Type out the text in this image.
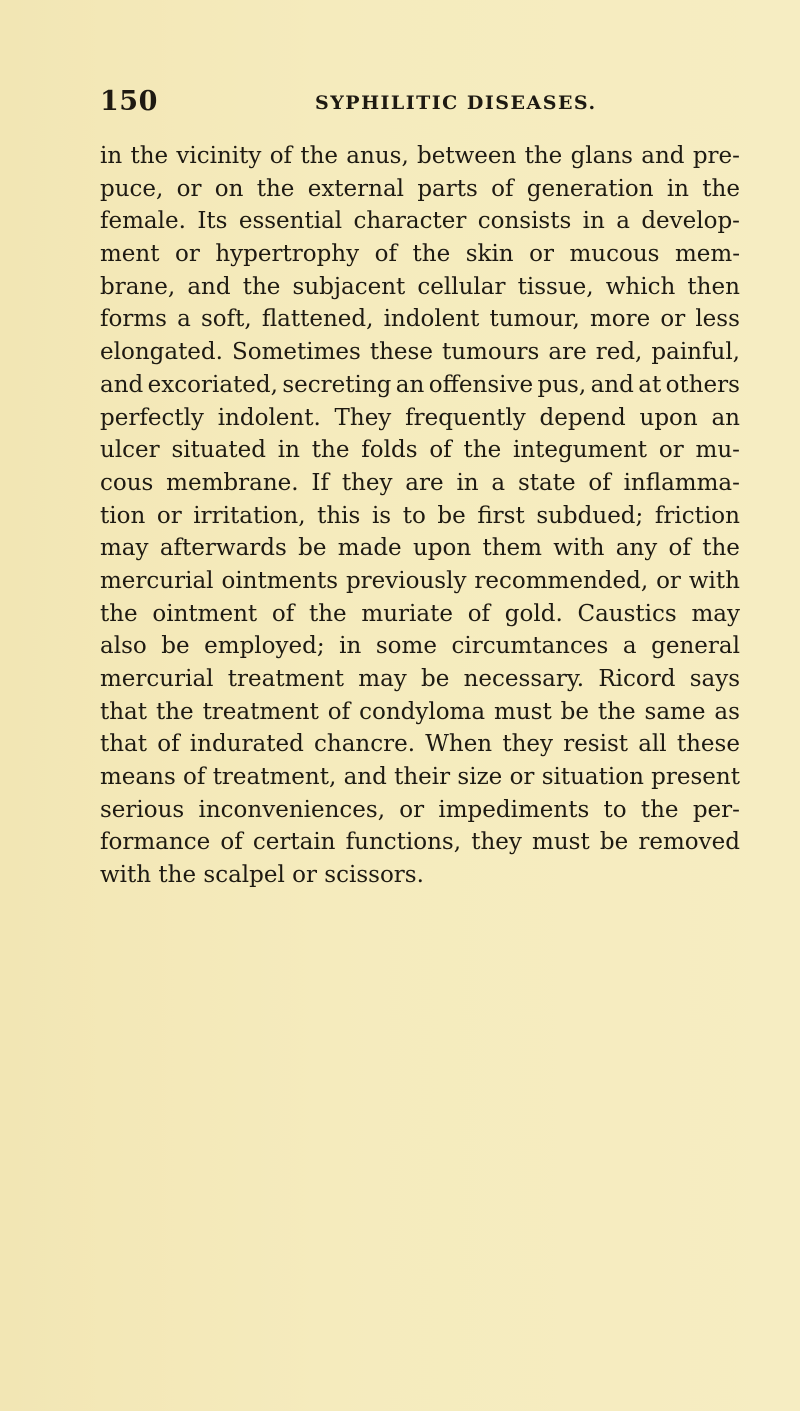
150	SYPHILITIC DISEASES.
in the vicinity of the anus, between the glans and pre-
puce, or on the external parts of generation in the
female. Its essential character consists in a develop-
ment or hypertrophy of the skin or mucous mem-
brane, and the subjacent cellular tissue, which then
forms a soft, flattened, indolent tumour, more or less
elongated. Sometimes these tumours are red, painful,
and excoriated, secreting an offensive pus, and at others
perfectly indolent. They frequently depend upon an
ulcer situated in the folds of the integument or mu-
cous membrane. If they are in a state of inflamma-
tion or irritation, this is to be first subdued; friction
may afterwards be made upon them with any of the
mercurial ointments previously recommended, or with
the ointment of the muriate of gold. Caustics may
also be employed; in some circumtances a general
mercurial treatment may be necessary. Ricord says
that the treatment of condyloma must be the same as
that of indurated chancre. When they resist all these
means of treatment, and their size or situation present
serious inconveniences, or impediments to the per-
formance of certain functions, they must be removed
with the scalpel or scissors.
